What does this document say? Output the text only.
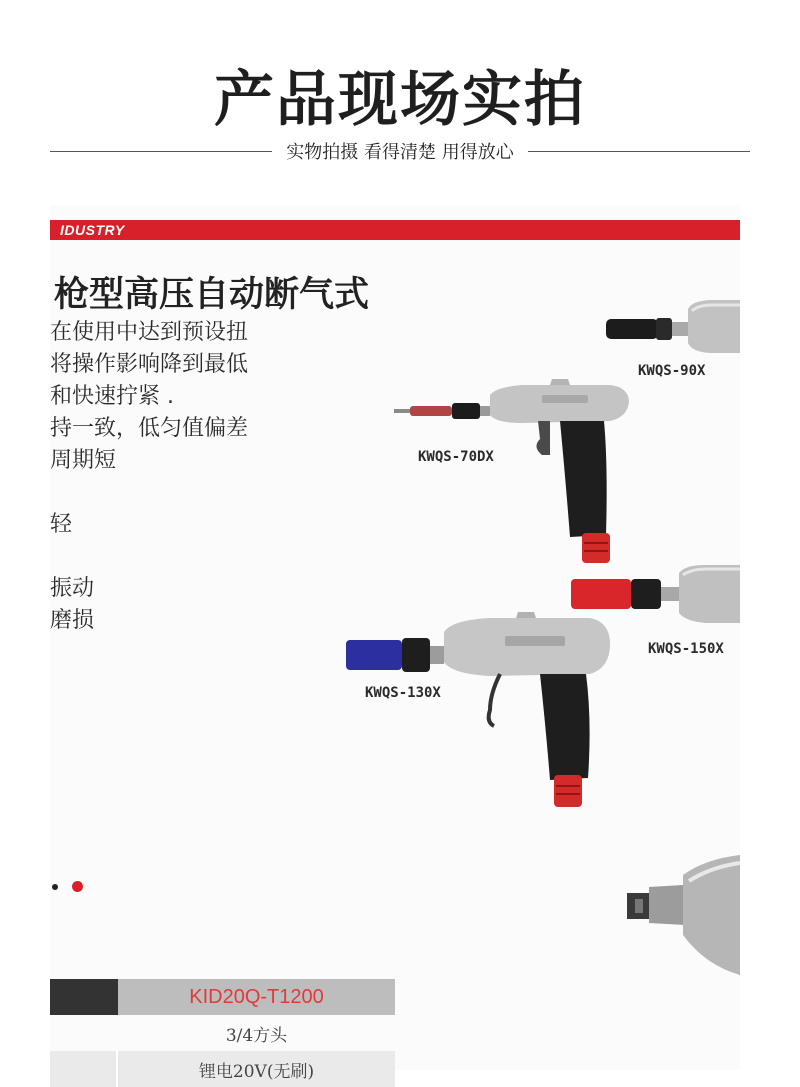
产品现场实拍
实物拍摄 看得清楚 用得放心
IDUSTRY
枪型高压自动断气式
在使用中达到预设扭
将操作影响降到最低
和快速拧紧 .
持一致，低匀值偏差
周期短
轻
振动
磨损
KWQS-90X
KWQS-70DX
KWQS-150X
KWQS-130X
KID20Q-T1200
3/4方头
锂电20V(无刷)
